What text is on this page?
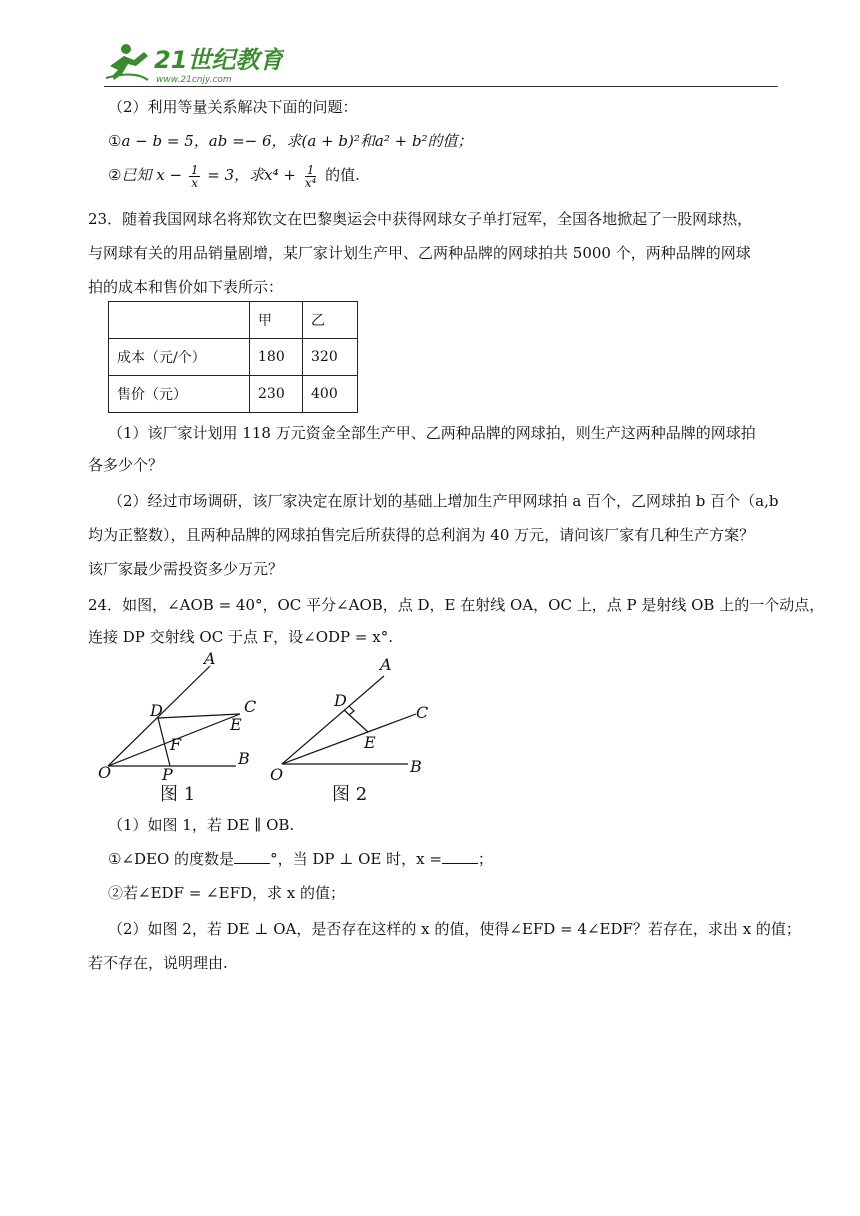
21世纪教育
www.21cnjy.com
（2）利用等量关系解决下面的问题：
①a − b = 5，ab =− 6，求(a + b)²和a² + b²的值；
②已知 $x - \frac{1}{x} = 3$，求$x^4 + \frac{1}{\text{x⁴}}$ 的值.
23．随着我国网球名将郑钦文在巴黎奥运会中获得网球女子单打冠军，全国各地掀起了一股网球热，
与网球有关的用品销量剧增，某厂家计划生产甲、乙两种品牌的网球拍共 5000 个，两种品牌的网球
拍的成本和售价如下表所示：
	甲	乙
成本（元/个）	180	320
售价（元）	230	400
（1）该厂家计划用 118 万元资金全部生产甲、乙两种品牌的网球拍，则生产这两种品牌的网球拍
各多少个？
（2）经过市场调研，该厂家决定在原计划的基础上增加生产甲网球拍 a 百个，乙网球拍 b 百个（a,b
均为正整数），且两种品牌的网球拍售完后所获得的总利润为 40 万元，请问该厂家有几种生产方案？
该厂家最少需投资多少万元？
24．如图，∠AOB = 40°，OC 平分∠AOB，点 D，E 在射线 OA，OC 上，点 P 是射线 OB 上的一个动点，
连接 DP 交射线 OC 于点 F，设∠ODP = x°.
A
D	C
E
F
B
O	P
图 1
A
D
C
E
B
O
图 2
（1）如图 1，若 DE ∥ OB.
①∠DEO 的度数是 °，当 DP ⊥ OE 时，x = ；
②若∠EDF = ∠EFD，求 x 的值；
（2）如图 2，若 DE ⊥ OA，是否存在这样的 x 的值，使得∠EFD = 4∠EDF？若存在，求出 x 的值；
若不存在，说明理由.
